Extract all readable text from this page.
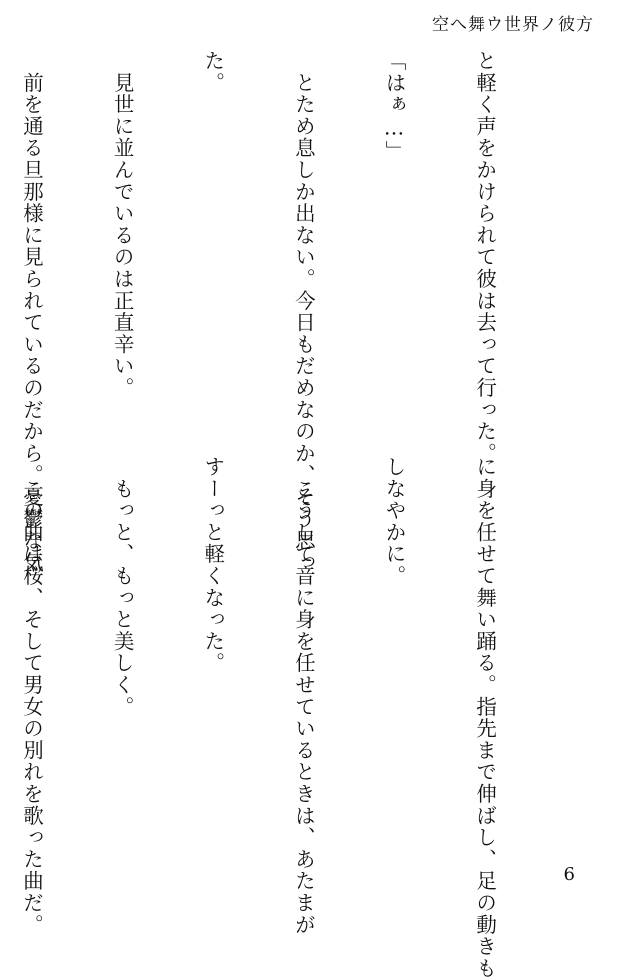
空へ舞ウ世界ノ彼方

と軽く声をかけられて彼は去って行った。

「はぁ…」

　とため息しか出ない。今日もだめなのか、そう思っ

た。

　見世に並んでいるのは正直辛い。

　前を通る旦那様に見られているのだから。憂鬱な気

に身を任せて舞い踊る。指先まで伸ばし、足の動きも

しなやかに。

　こうして音に身を任せているときは、あたまが

すーっと軽くなった。

　もっと、もっと美しく。

　この曲は桜、そして男女の別れを歌った曲だ。

	6
